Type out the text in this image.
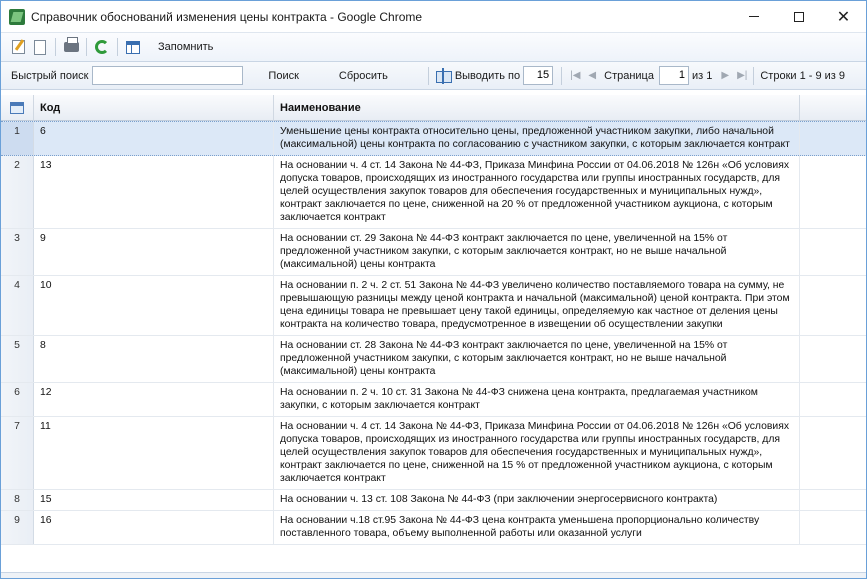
Справочник обоснований изменения цены контракта - Google Chrome	✕
Запомнить
Быстрый поиск	Поиск	Сбросить	Выводить по	15	|◀ ◀ Страница	1 из 1 ▶ ▶| Строки 1 - 9 из 9
Код	Наименование
1	6	Уменьшение цены контракта относительно цены, предложенной участником закупки, либо начальной (максимальной) цены контракта по согласованию с участником закупки, с которым заключается контракт
2	13	На основании ч. 4 ст. 14 Закона № 44-ФЗ, Приказа Минфина России от 04.06.2018 № 126н «Об условиях допуска товаров, происходящих из иностранного государства или группы иностранных государств, для целей осуществления закупок товаров для обеспечения государственных и муниципальных нужд», контракт заключается по цене, сниженной на 20 % от предложенной участником аукциона, с которым заключается контракт
3	9	На основании ст. 29 Закона № 44-ФЗ контракт заключается по цене, увеличенной на 15% от предложенной участником закупки, с которым заключается контракт, но не выше начальной (максимальной) цены контракта
4	10	На основании п. 2 ч. 2 ст. 51 Закона № 44-ФЗ увеличено количество поставляемого товара на сумму, не превышающую разницы между ценой контракта и начальной (максимальной) ценой контракта. При этом цена единицы товара не превышает цену такой единицы, определяемую как частное от деления цены контракта на количество товара, предусмотренное в извещении об осуществлении закупки
5	8	На основании ст. 28 Закона № 44-ФЗ контракт заключается по цене, увеличенной на 15% от предложенной участником закупки, с которым заключается контракт, но не выше начальной (максимальной) цены контракта
6	12	На основании п. 2 ч. 10 ст. 31 Закона № 44-ФЗ снижена цена контракта, предлагаемая участником закупки, с которым заключается контракт
7	11	На основании ч. 4 ст. 14 Закона № 44-ФЗ, Приказа Минфина России от 04.06.2018 № 126н «Об условиях допуска товаров, происходящих из иностранного государства или группы иностранных государств, для целей осуществления закупок товаров для обеспечения государственных и муниципальных нужд», контракт заключается по цене, сниженной на 15 % от предложенной участником аукциона, с которым заключается контракт
8	15	На основании ч. 13 ст. 108 Закона № 44-ФЗ (при заключении энергосервисного контракта)
9	16	На основании ч.18 ст.95 Закона № 44-ФЗ цена контракта уменьшена пропорционально количеству поставленного товара, объему выполненной работы или оказанной услуги
